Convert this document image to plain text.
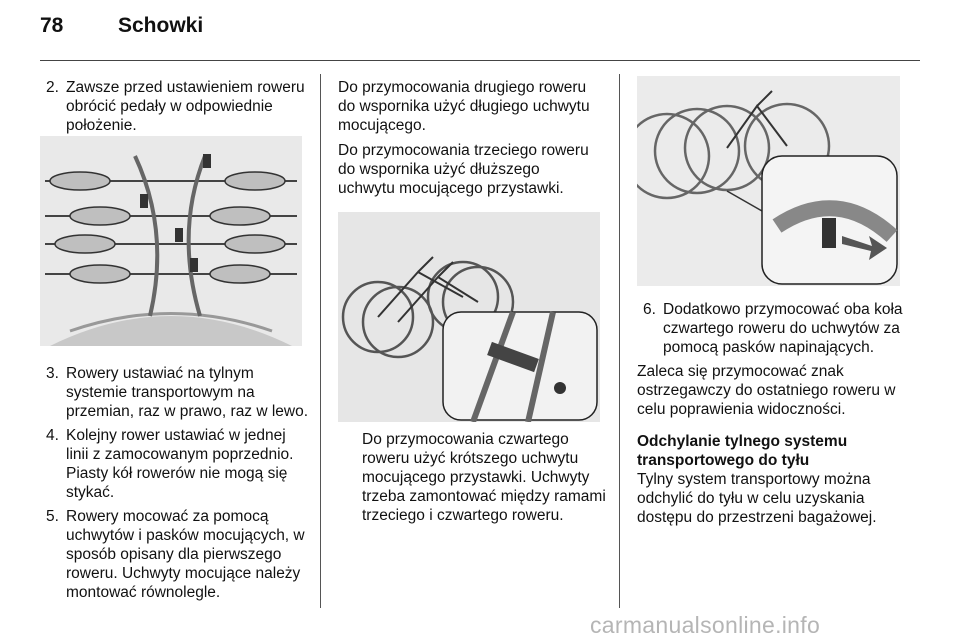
78	Schowki
2. Zawsze przed ustawieniem roweru obrócić pedały w odpowiednie położenie.

3. Rowery ustawiać na tylnym systemie transportowym na przemian, raz w prawo, raz w lewo.

4. Kolejny rower ustawiać w jednej linii z zamocowanym poprzednio. Piasty kół rowerów nie mogą się stykać.

5. Rowery mocować za pomocą uchwytów i pasków mocujących, w sposób opisany dla pierwszego roweru. Uchwyty mocujące należy montować równolegle.

Do przymocowania drugiego roweru do wspornika użyć długiego uchwytu mocującego.

Do przymocowania trzeciego roweru do wspornika użyć dłuższego uchwytu mocującego przystawki.

Do przymocowania czwartego roweru użyć krótszego uchwytu mocującego przystawki. Uchwyty trzeba zamontować między ramami trzeciego i czwartego roweru.

6. Dodatkowo przymocować oba koła czwartego roweru do uchwytów za pomocą pasków napinających.

Zaleca się przymocować znak ostrzegawczy do ostatniego roweru w celu poprawienia widoczności.

Odchylanie tylnego systemu transportowego do tyłu

Tylny system transportowy można odchylić do tyłu w celu uzyskania dostępu do przestrzeni bagażowej.

carmanualsonline.info
